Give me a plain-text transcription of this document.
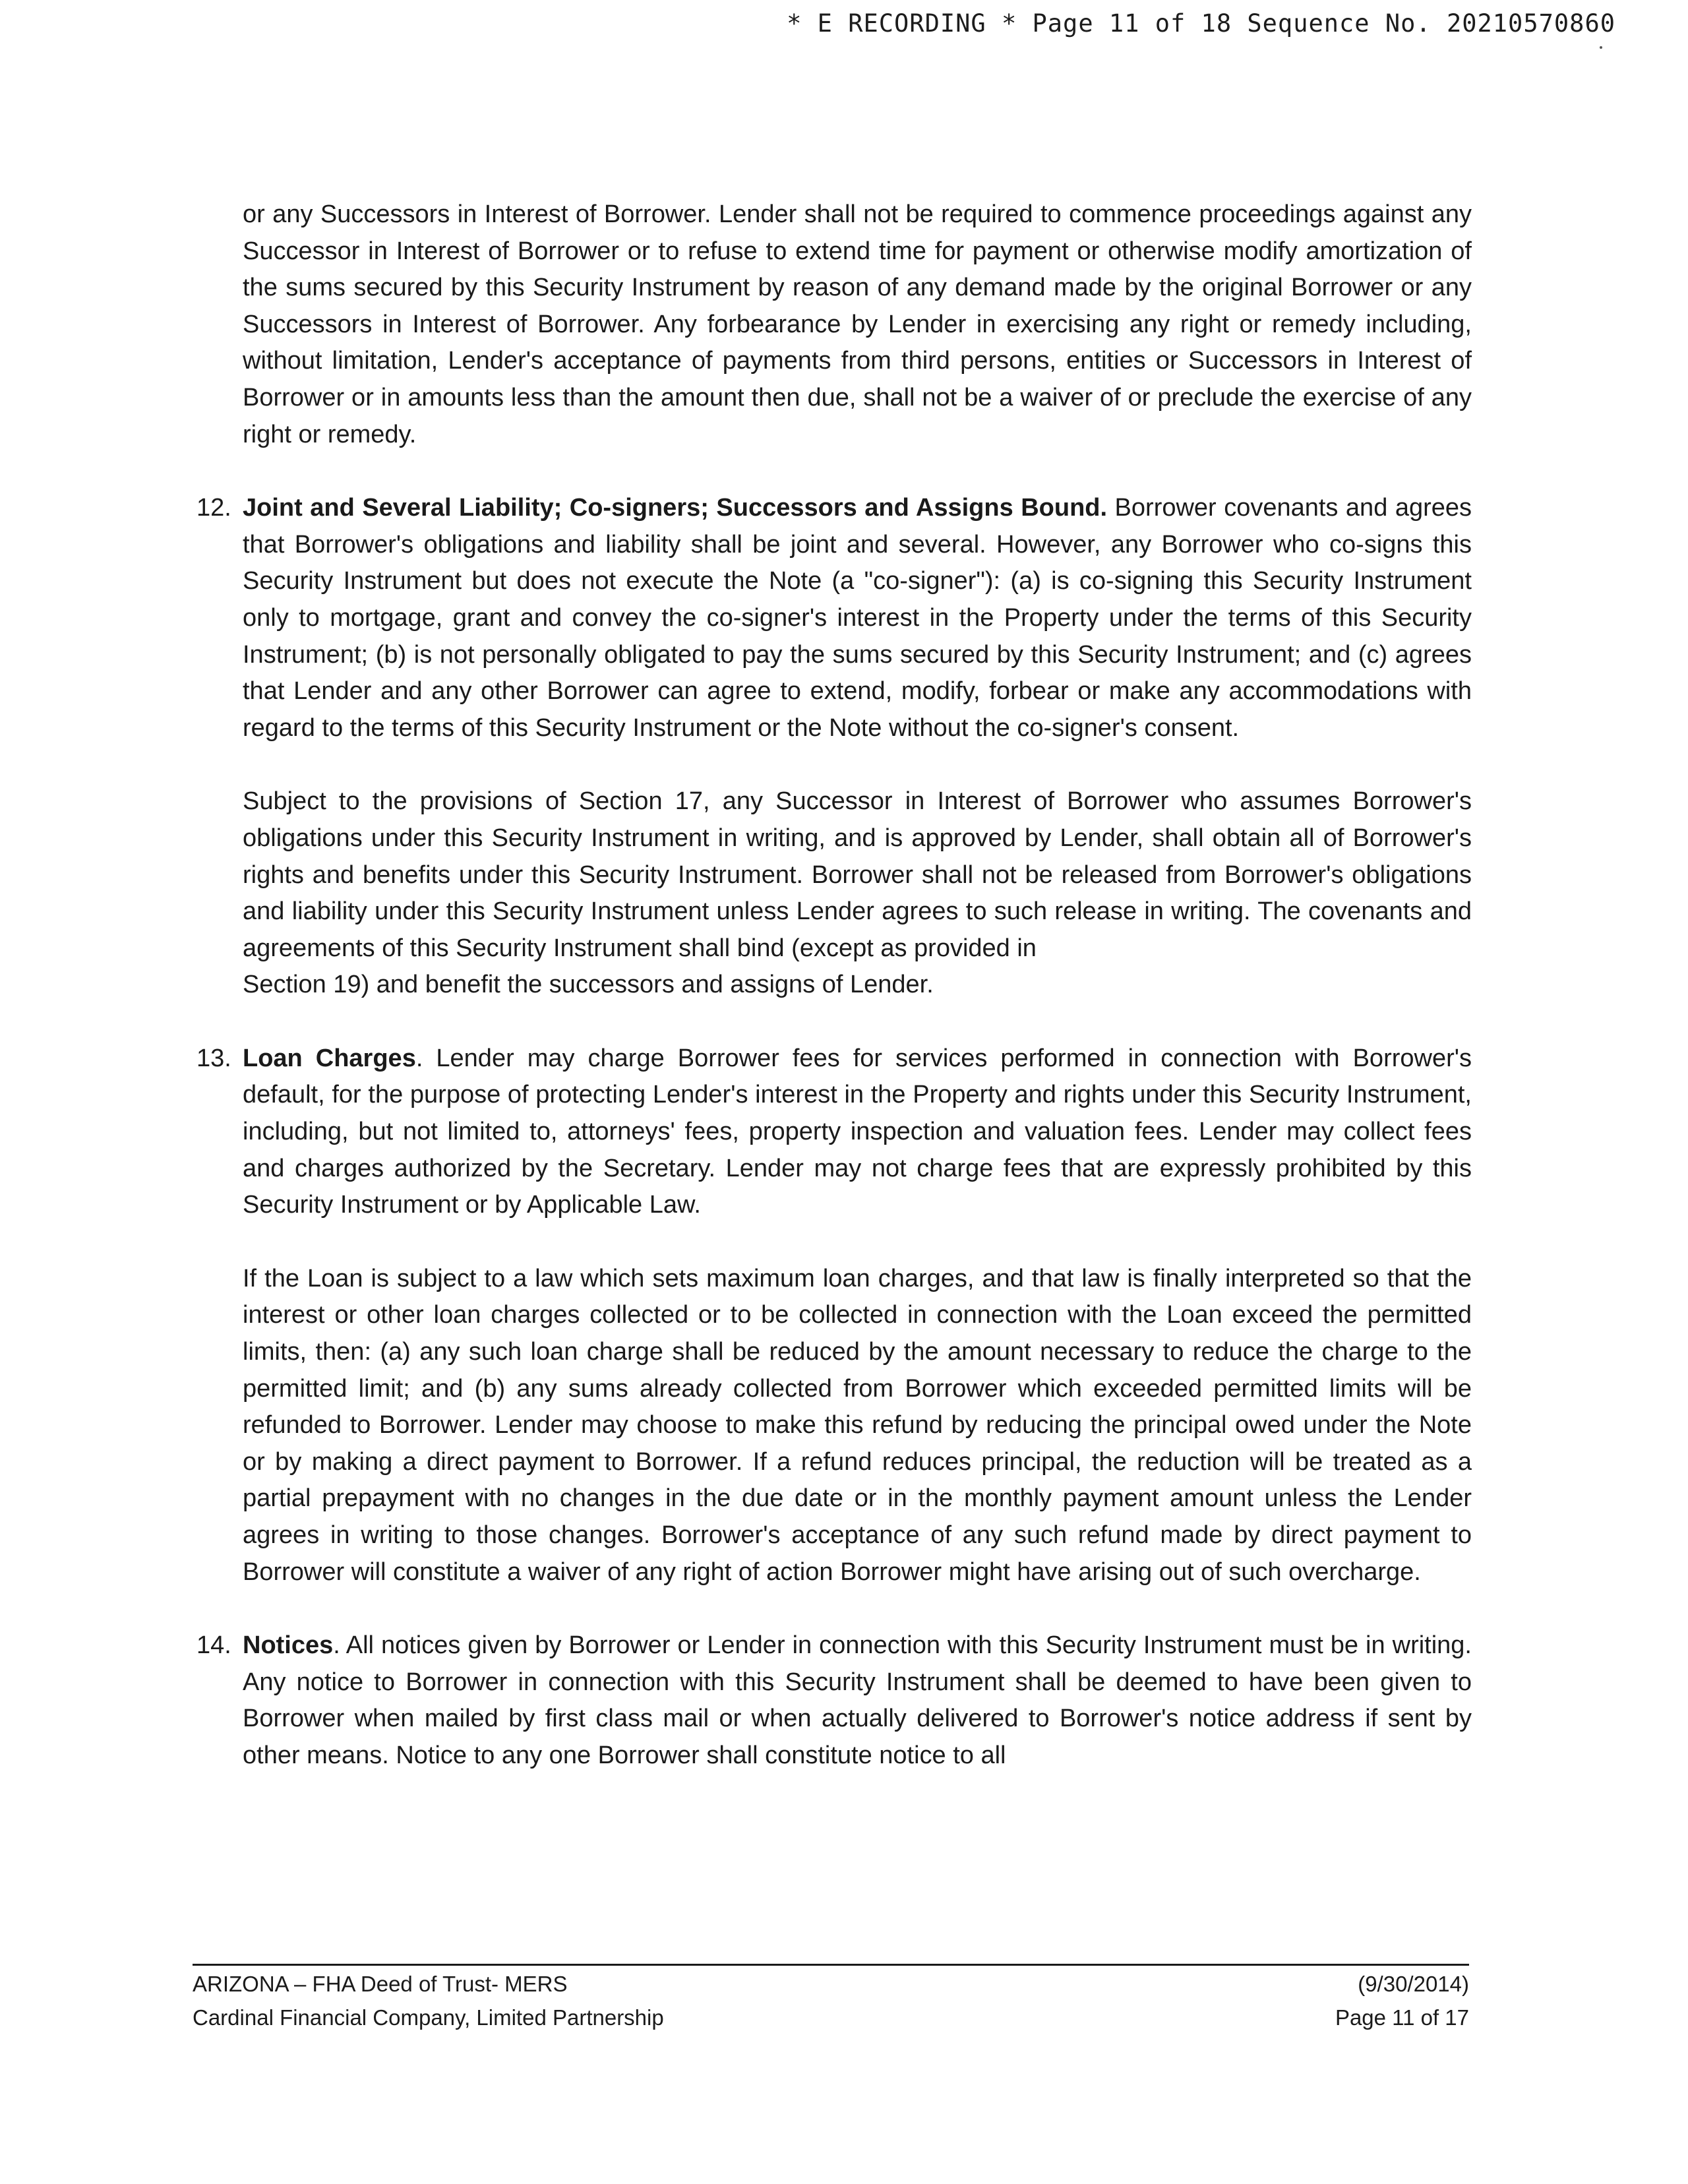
* E RECORDING * Page 11 of 18 Sequence No. 20210570860

or any Successors in Interest of Borrower. Lender shall not be required to commence proceedings against any Successor in Interest of Borrower or to refuse to extend time for payment or otherwise modify amortization of the sums secured by this Security Instrument by reason of any demand made by the original Borrower or any Successors in Interest of Borrower. Any forbearance by Lender in exercising any right or remedy including, without limitation, Lender's acceptance of payments from third persons, entities or Successors in Interest of Borrower or in amounts less than the amount then due, shall not be a waiver of or preclude the exercise of any right or remedy.

12. Joint and Several Liability; Co-signers; Successors and Assigns Bound. Borrower covenants and agrees that Borrower's obligations and liability shall be joint and several. However, any Borrower who co-signs this Security Instrument but does not execute the Note (a "co-signer"): (a) is co-signing this Security Instrument only to mortgage, grant and convey the co-signer's interest in the Property under the terms of this Security Instrument; (b) is not personally obligated to pay the sums secured by this Security Instrument; and (c) agrees that Lender and any other Borrower can agree to extend, modify, forbear or make any accommodations with regard to the terms of this Security Instrument or the Note without the co-signer's consent.

Subject to the provisions of Section 17, any Successor in Interest of Borrower who assumes Borrower's obligations under this Security Instrument in writing, and is approved by Lender, shall obtain all of Borrower's rights and benefits under this Security Instrument. Borrower shall not be released from Borrower's obligations and liability under this Security Instrument unless Lender agrees to such release in writing. The covenants and agreements of this Security Instrument shall bind (except as provided in

Section 19) and benefit the successors and assigns of Lender.

13. Loan Charges. Lender may charge Borrower fees for services performed in connection with Borrower's default, for the purpose of protecting Lender's interest in the Property and rights under this Security Instrument, including, but not limited to, attorneys' fees, property inspection and valuation fees. Lender may collect fees and charges authorized by the Secretary. Lender may not charge fees that are expressly prohibited by this Security Instrument or by Applicable Law.

If the Loan is subject to a law which sets maximum loan charges, and that law is finally interpreted so that the interest or other loan charges collected or to be collected in connection with the Loan exceed the permitted limits, then: (a) any such loan charge shall be reduced by the amount necessary to reduce the charge to the permitted limit; and (b) any sums already collected from Borrower which exceeded permitted limits will be refunded to Borrower. Lender may choose to make this refund by reducing the principal owed under the Note or by making a direct payment to Borrower. If a refund reduces principal, the reduction will be treated as a partial prepayment with no changes in the due date or in the monthly payment amount unless the Lender agrees in writing to those changes. Borrower's acceptance of any such refund made by direct payment to Borrower will constitute a waiver of any right of action Borrower might have arising out of such overcharge.

14. Notices. All notices given by Borrower or Lender in connection with this Security Instrument must be in writing. Any notice to Borrower in connection with this Security Instrument shall be deemed to have been given to Borrower when mailed by first class mail or when actually delivered to Borrower's notice address if sent by other means. Notice to any one Borrower shall constitute notice to all

ARIZONA – FHA Deed of Trust- MERS	(9/30/2014)
Cardinal Financial Company, Limited Partnership	Page 11 of 17
